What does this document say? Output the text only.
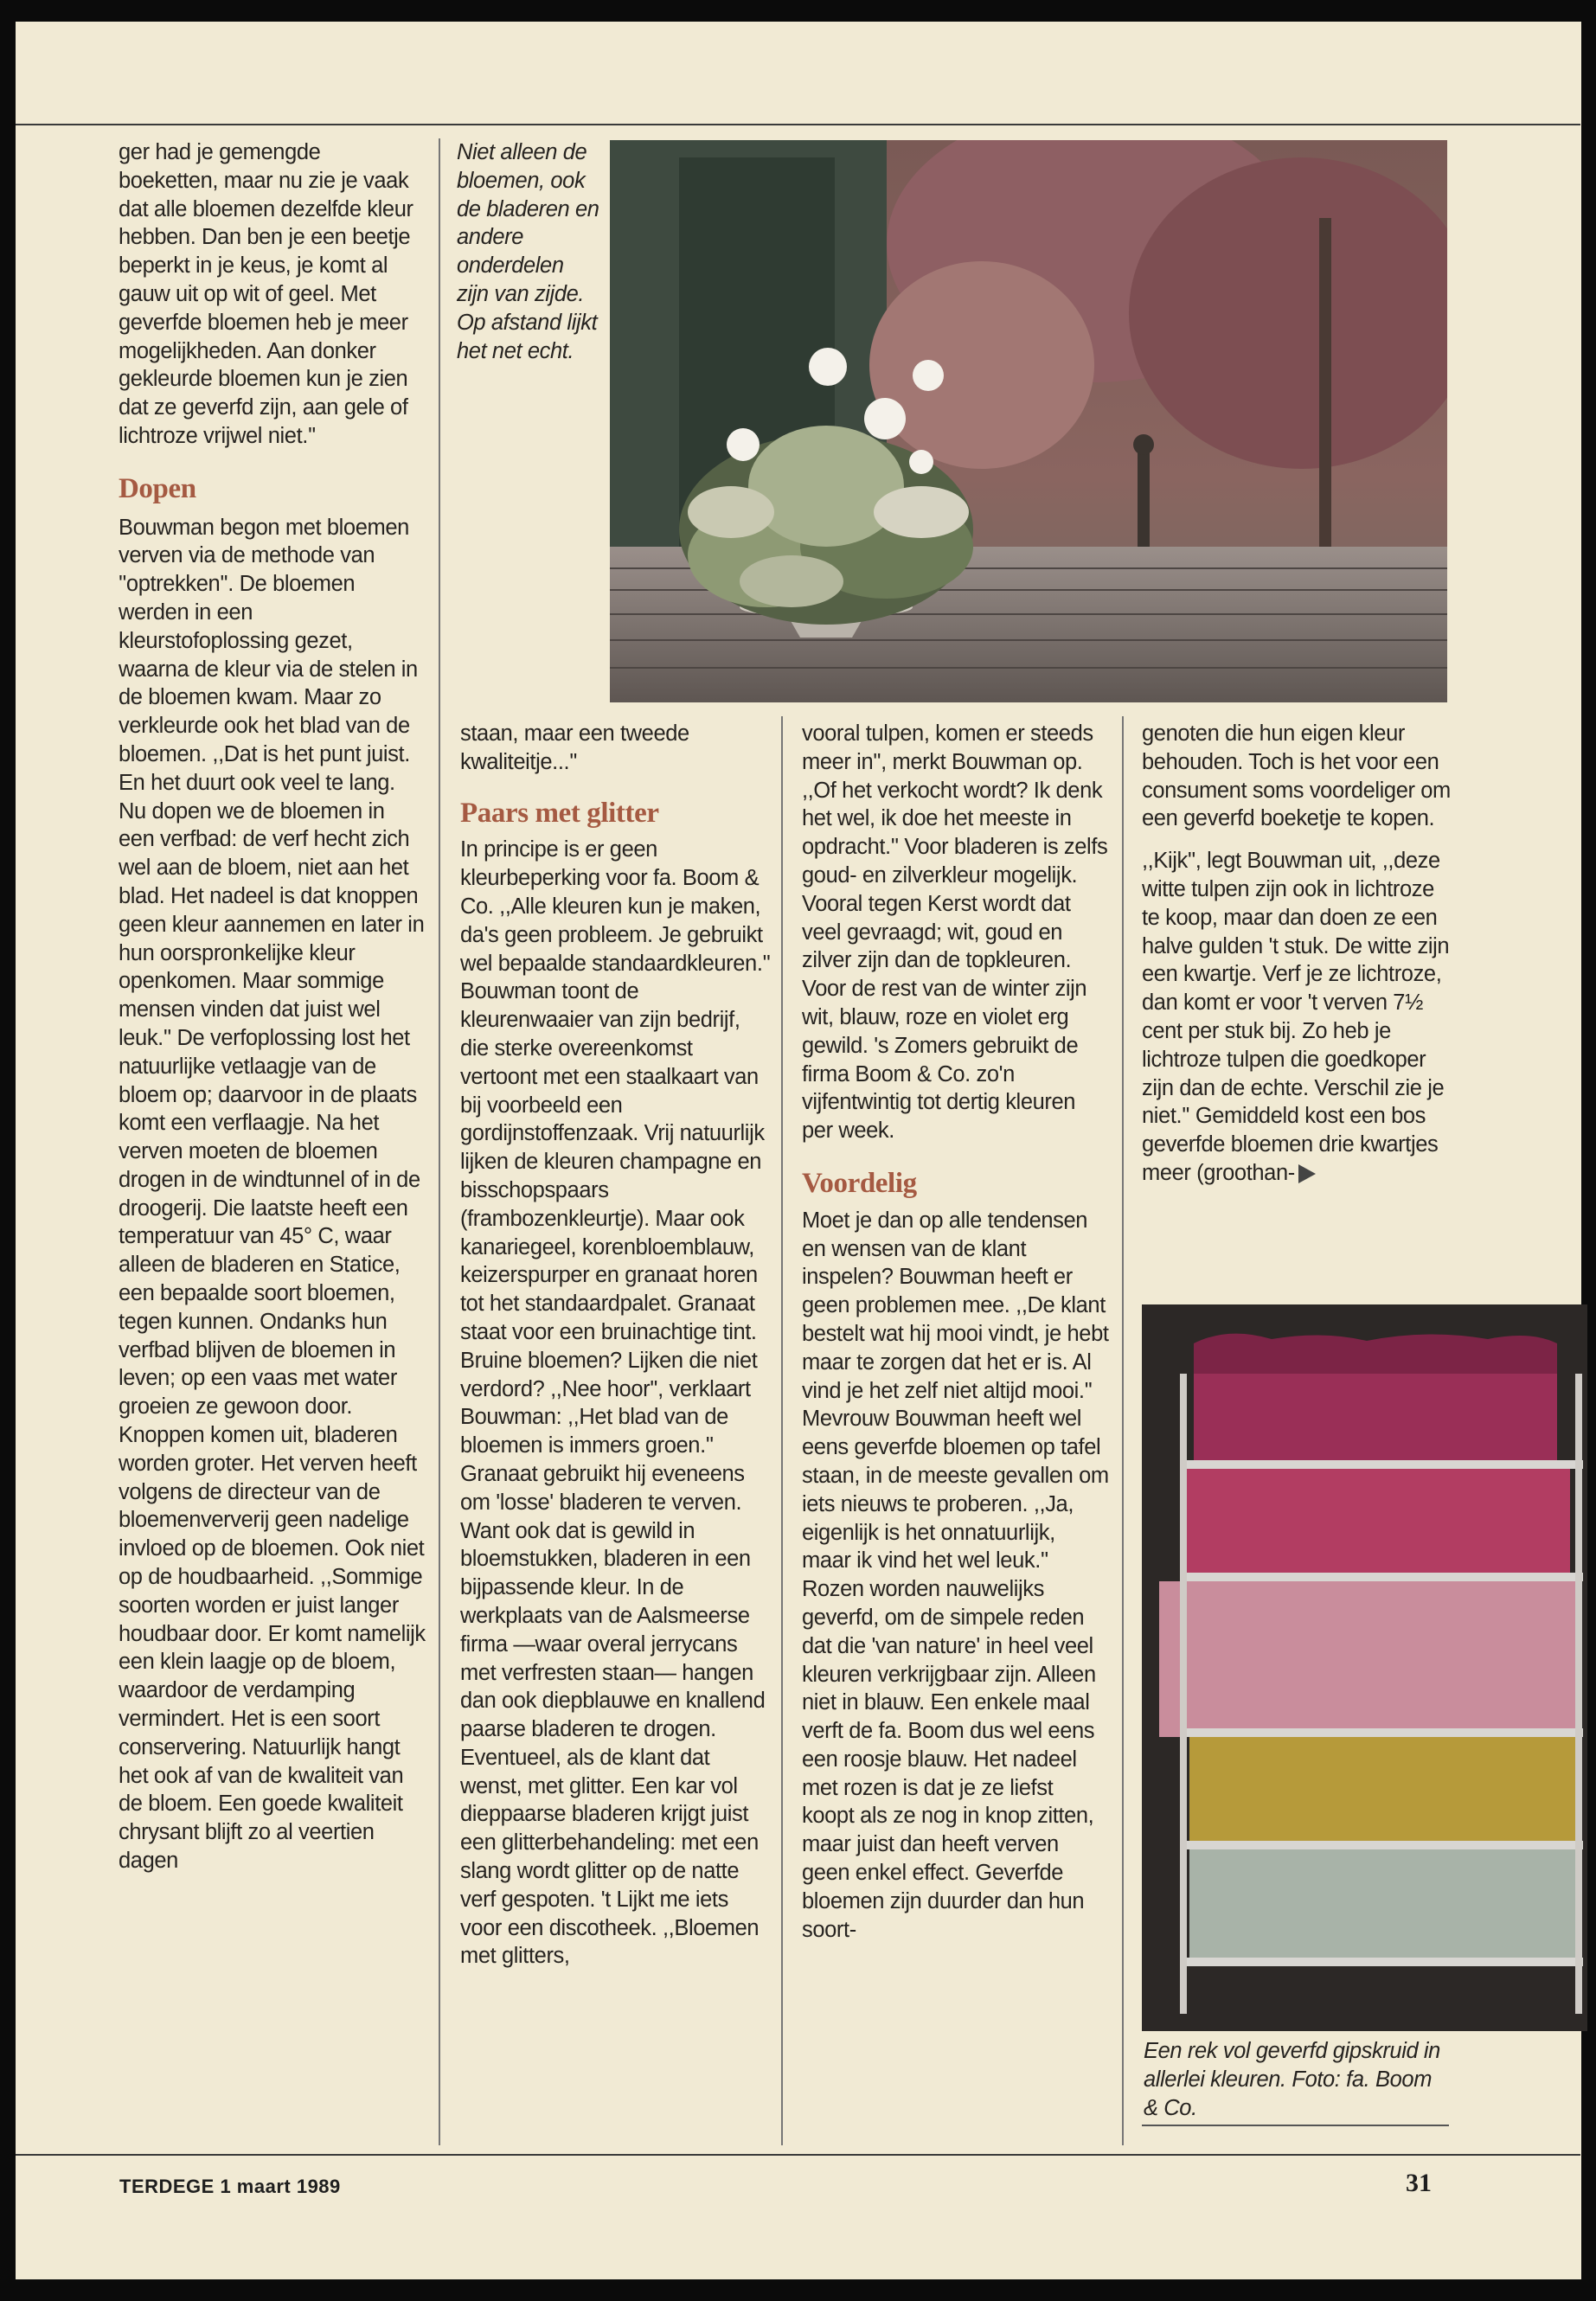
ger had je gemengde boeketten, maar nu zie je vaak dat alle bloemen dezelfde kleur hebben. Dan ben je een beetje beperkt in je keus, je komt al gauw uit op wit of geel. Met geverfde bloemen heb je meer mogelijkheden. Aan donker gekleurde bloemen kun je zien dat ze geverfd zijn, aan gele of lichtroze vrijwel niet.''

Dopen

Bouwman begon met bloemen verven via de methode van ''optrekken''. De bloemen werden in een kleurstofoplossing gezet, waarna de kleur via de stelen in de bloemen kwam. Maar zo verkleurde ook het blad van de bloemen. ,,Dat is het punt juist. En het duurt ook veel te lang. Nu dopen we de bloemen in een verfbad: de verf hecht zich wel aan de bloem, niet aan het blad. Het nadeel is dat knoppen geen kleur aannemen en later in hun oorspronkelijke kleur openkomen. Maar sommige mensen vinden dat juist wel leuk.'' De verfoplossing lost het natuurlijke vetlaagje van de bloem op; daarvoor in de plaats komt een verflaagje. Na het verven moeten de bloemen drogen in de windtunnel of in de droogerij. Die laatste heeft een temperatuur van 45° C, waar alleen de bladeren en Statice, een bepaalde soort bloemen, tegen kunnen. Ondanks hun verfbad blijven de bloemen in leven; op een vaas met water groeien ze gewoon door. Knoppen komen uit, bladeren worden groter. Het verven heeft volgens de directeur van de bloemenververij geen nadelige invloed op de bloemen. Ook niet op de houdbaarheid. ,,Sommige soorten worden er juist langer houdbaar door. Er komt namelijk een klein laagje op de bloem, waardoor de verdamping vermindert. Het is een soort conservering. Natuurlijk hangt het ook af van de kwaliteit van de bloem. Een goede kwaliteit chrysant blijft zo al veertien dagen

Niet alleen de bloemen, ook de bladeren en andere onderdelen zijn van zijde. Op afstand lijkt het net echt.

staan, maar een tweede kwaliteitje...''

Paars met glitter

In principe is er geen kleurbeperking voor fa. Boom & Co. ,,Alle kleuren kun je maken, da's geen probleem. Je gebruikt wel bepaalde standaardkleuren.'' Bouwman toont de kleurenwaaier van zijn bedrijf, die sterke overeenkomst vertoont met een staalkaart van bij voorbeeld een gordijnstoffenzaak. Vrij natuurlijk lijken de kleuren champagne en bisschopspaars (frambozenkleurtje). Maar ook kanariegeel, korenbloemblauw, keizerspurper en granaat horen tot het standaardpalet. Granaat staat voor een bruinachtige tint. Bruine bloemen? Lijken die niet verdord? ,,Nee hoor'', verklaart Bouwman: ,,Het blad van de bloemen is immers groen.'' Granaat gebruikt hij eveneens om 'losse' bladeren te verven. Want ook dat is gewild in bloemstukken, bladeren in een bijpassende kleur. In de werkplaats van de Aalsmeerse firma —waar overal jerrycans met verfresten staan— hangen dan ook diepblauwe en knallend paarse bladeren te drogen. Eventueel, als de klant dat wenst, met glitter. Een kar vol dieppaarse bladeren krijgt juist een glitterbehandeling: met een slang wordt glitter op de natte verf gespoten. 't Lijkt me iets voor een discotheek. ,,Bloemen met glitters,

vooral tulpen, komen er steeds meer in'', merkt Bouwman op. ,,Of het verkocht wordt? Ik denk het wel, ik doe het meeste in opdracht.'' Voor bladeren is zelfs goud- en zilverkleur mogelijk. Vooral tegen Kerst wordt dat veel gevraagd; wit, goud en zilver zijn dan de topkleuren. Voor de rest van de winter zijn wit, blauw, roze en violet erg gewild. 's Zomers gebruikt de firma Boom & Co. zo'n vijfentwintig tot dertig kleuren per week.

Voordelig

Moet je dan op alle tendensen en wensen van de klant inspelen? Bouwman heeft er geen problemen mee. ,,De klant bestelt wat hij mooi vindt, je hebt maar te zorgen dat het er is. Al vind je het zelf niet altijd mooi.'' Mevrouw Bouwman heeft wel eens geverfde bloemen op tafel staan, in de meeste gevallen om iets nieuws te proberen. ,,Ja, eigenlijk is het onnatuurlijk, maar ik vind het wel leuk.'' Rozen worden nauwelijks geverfd, om de simpele reden dat die 'van nature' in heel veel kleuren verkrijgbaar zijn. Alleen niet in blauw. Een enkele maal verft de fa. Boom dus wel eens een roosje blauw. Het nadeel met rozen is dat je ze liefst koopt als ze nog in knop zitten, maar juist dan heeft verven geen enkel effect. Geverfde bloemen zijn duurder dan hun soort-

genoten die hun eigen kleur behouden. Toch is het voor een consument soms voordeliger om een geverfd boeketje te kopen.

,,Kijk'', legt Bouwman uit, ,,deze witte tulpen zijn ook in lichtroze te koop, maar dan doen ze een halve gulden 't stuk. De witte zijn een kwartje. Verf je ze lichtroze, dan komt er voor 't verven 7½ cent per stuk bij. Zo heb je lichtroze tulpen die goedkoper zijn dan de echte. Verschil zie je niet.'' Gemiddeld kost een bos geverfde bloemen drie kwartjes meer (groothan-

Een rek vol geverfd gipskruid in allerlei kleuren. Foto: fa. Boom & Co.

TERDEGE 1 maart 1989	31
